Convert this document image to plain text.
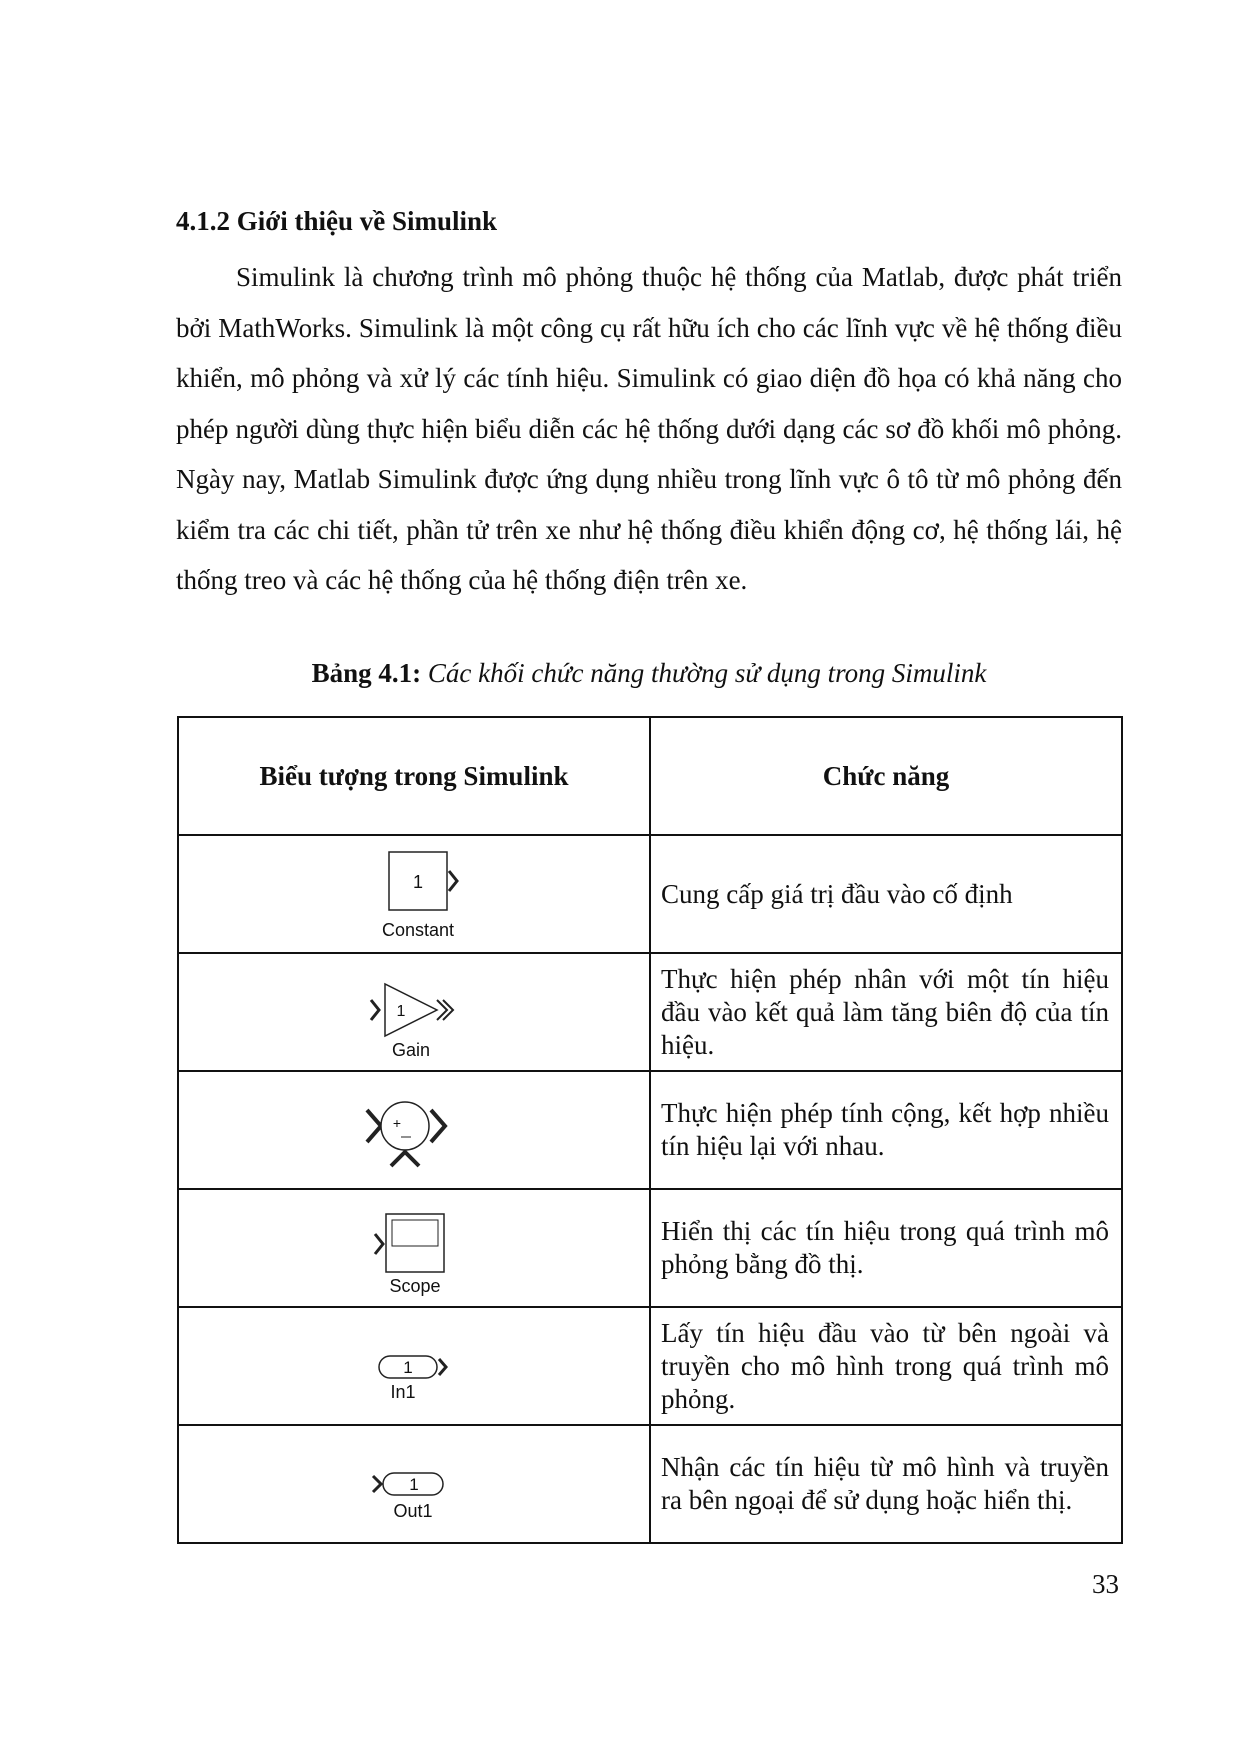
4.1.2 Giới thiệu về Simulink

Simulink là chương trình mô phỏng thuộc hệ thống của Matlab, được phát triển bởi MathWorks. Simulink là một công cụ rất hữu ích cho các lĩnh vực về hệ thống điều khiển, mô phỏng và xử lý các tính hiệu. Simulink có giao diện đồ họa có khả năng cho phép người dùng thực hiện biểu diễn các hệ thống dưới dạng các sơ đồ khối mô phỏng. Ngày nay, Matlab Simulink được ứng dụng nhiều trong lĩnh vực ô tô từ mô phỏng đến kiểm tra các chi tiết, phần tử trên xe như hệ thống điều khiển động cơ, hệ thống lái, hệ thống treo và các hệ thống của hệ thống điện trên xe.

Bảng 4.1: Các khối chức năng thường sử dụng trong Simulink

Biểu tượng trong Simulink	Chức năng

1
Constant	Cung cấp giá trị đầu vào cố định

1
Gain	Thực hiện phép nhân với một tín hiệu đầu vào kết quả làm tăng biên độ của tín hiệu.

+	Thực hiện phép tính cộng, kết hợp nhiều tín hiệu lại với nhau.

Scope	Hiển thị các tín hiệu trong quá trình mô phỏng bằng đồ thị.

1
In1	Lấy tín hiệu đầu vào từ bên ngoài và truyền cho mô hình trong quá trình mô phỏng.

1
Out1	Nhận các tín hiệu từ mô hình và truyền ra bên ngoại để sử dụng hoặc hiển thị.

33
